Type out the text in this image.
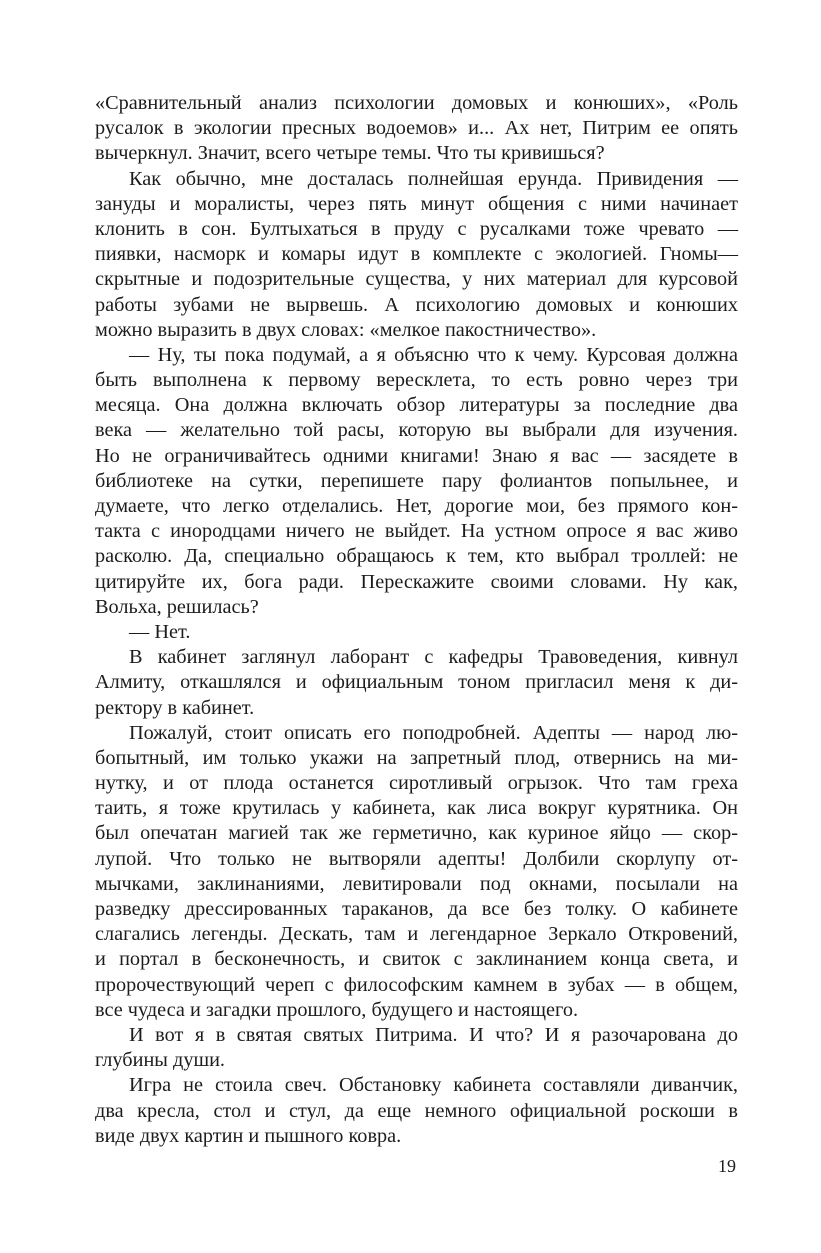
«Сравнительный анализ психологии домовых и конюших», «Роль
русалок в экологии пресных водоемов» и... Ах нет, Питрим ее опять
вычеркнул. Значит, всего четыре темы. Что ты кривишься?
Как обычно, мне досталась полнейшая ерунда. Привидения —
зануды и моралисты, через пять минут общения с ними начинает
клонить в сон. Бултыхаться в пруду с русалками тоже чревато —
пиявки, насморк и комары идут в комплекте с экологией. Гномы—
скрытные и подозрительные существа, у них материал для курсовой
работы зубами не вырвешь. А психологию домовых и конюших
можно выразить в двух словах: «мелкое пакостничество».
— Ну, ты пока подумай, а я объясню что к чему. Курсовая должна
быть выполнена к первому вересклета, то есть ровно через три
месяца. Она должна включать обзор литературы за последние два
века — желательно той расы, которую вы выбрали для изучения.
Но не ограничивайтесь одними книгами! Знаю я вас — засядете в
библиотеке на сутки, перепишете пару фолиантов попыльнее, и
думаете, что легко отделались. Нет, дорогие мои, без прямого кон-
такта с инородцами ничего не выйдет. На устном опросе я вас живо
расколю. Да, специально обращаюсь к тем, кто выбрал троллей: не
цитируйте их, бога ради. Перескажите своими словами. Ну как,
Вольха, решилась?
— Нет.
В кабинет заглянул лаборант с кафедры Травоведения, кивнул
Алмиту, откашлялся и официальным тоном пригласил меня к ди-
ректору в кабинет.
Пожалуй, стоит описать его поподробней. Адепты — народ лю-
бопытный, им только укажи на запретный плод, отвернись на ми-
нутку, и от плода останется сиротливый огрызок. Что там греха
таить, я тоже крутилась у кабинета, как лиса вокруг курятника. Он
был опечатан магией так же герметично, как куриное яйцо — скор-
лупой. Что только не вытворяли адепты! Долбили скорлупу от-
мычками, заклинаниями, левитировали под окнами, посылали на
разведку дрессированных тараканов, да все без толку. О кабинете
слагались легенды. Дескать, там и легендарное Зеркало Откровений,
и портал в бесконечность, и свиток с заклинанием конца света, и
пророчествующий череп с философским камнем в зубах — в общем,
все чудеса и загадки прошлого, будущего и настоящего.
И вот я в святая святых Питрима. И что? И я разочарована до
глубины души.
Игра не стоила свеч. Обстановку кабинета составляли диванчик,
два кресла, стол и стул, да еще немного официальной роскоши в
виде двух картин и пышного ковра.
19
